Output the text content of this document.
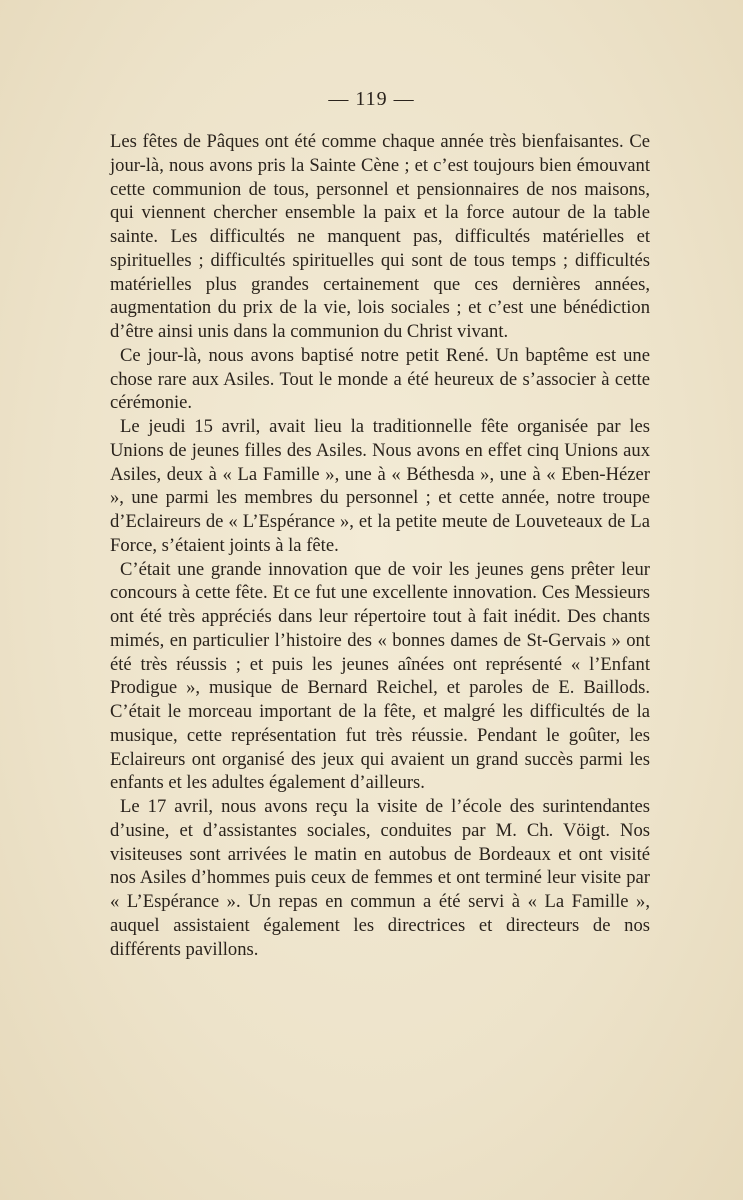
— 119 —

Les fêtes de Pâques ont été comme chaque année très bienfaisantes. Ce jour-là, nous avons pris la Sainte Cène ; et c’est toujours bien émouvant cette communion de tous, personnel et pensionnaires de nos maisons, qui viennent chercher ensemble la paix et la force autour de la table sainte. Les difficultés ne manquent pas, difficultés matérielles et spirituelles ; difficultés spirituelles qui sont de tous temps ; difficultés matérielles plus grandes certainement que ces dernières années, augmentation du prix de la vie, lois sociales ; et c’est une bénédiction d’être ainsi unis dans la communion du Christ vivant.

Ce jour-là, nous avons baptisé notre petit René. Un baptême est une chose rare aux Asiles. Tout le monde a été heureux de s’associer à cette cérémonie.

Le jeudi 15 avril, avait lieu la traditionnelle fête organisée par les Unions de jeunes filles des Asiles. Nous avons en effet cinq Unions aux Asiles, deux à « La Famille », une à « Béthesda », une à « Eben-Hézer », une parmi les membres du personnel ; et cette année, notre troupe d’Eclaireurs de « L’Espérance », et la petite meute de Louveteaux de La Force, s’étaient joints à la fête.

C’était une grande innovation que de voir les jeunes gens prêter leur concours à cette fête. Et ce fut une excellente innovation. Ces Messieurs ont été très appréciés dans leur répertoire tout à fait inédit. Des chants mimés, en particulier l’histoire des « bonnes dames de St-Gervais » ont été très réussis ; et puis les jeunes aînées ont représenté « l’Enfant Prodigue », musique de Bernard Reichel, et paroles de E. Baillods. C’était le morceau important de la fête, et malgré les difficultés de la musique, cette représentation fut très réussie. Pendant le goûter, les Eclaireurs ont organisé des jeux qui avaient un grand succès parmi les enfants et les adultes également d’ailleurs.

Le 17 avril, nous avons reçu la visite de l’école des surintendantes d’usine, et d’assistantes sociales, conduites par M. Ch. Vöigt. Nos visiteuses sont arrivées le matin en autobus de Bordeaux et ont visité nos Asiles d’hommes puis ceux de femmes et ont terminé leur visite par « L’Espérance ». Un repas en commun a été servi à « La Famille », auquel assistaient également les directrices et directeurs de nos différents pavillons.
